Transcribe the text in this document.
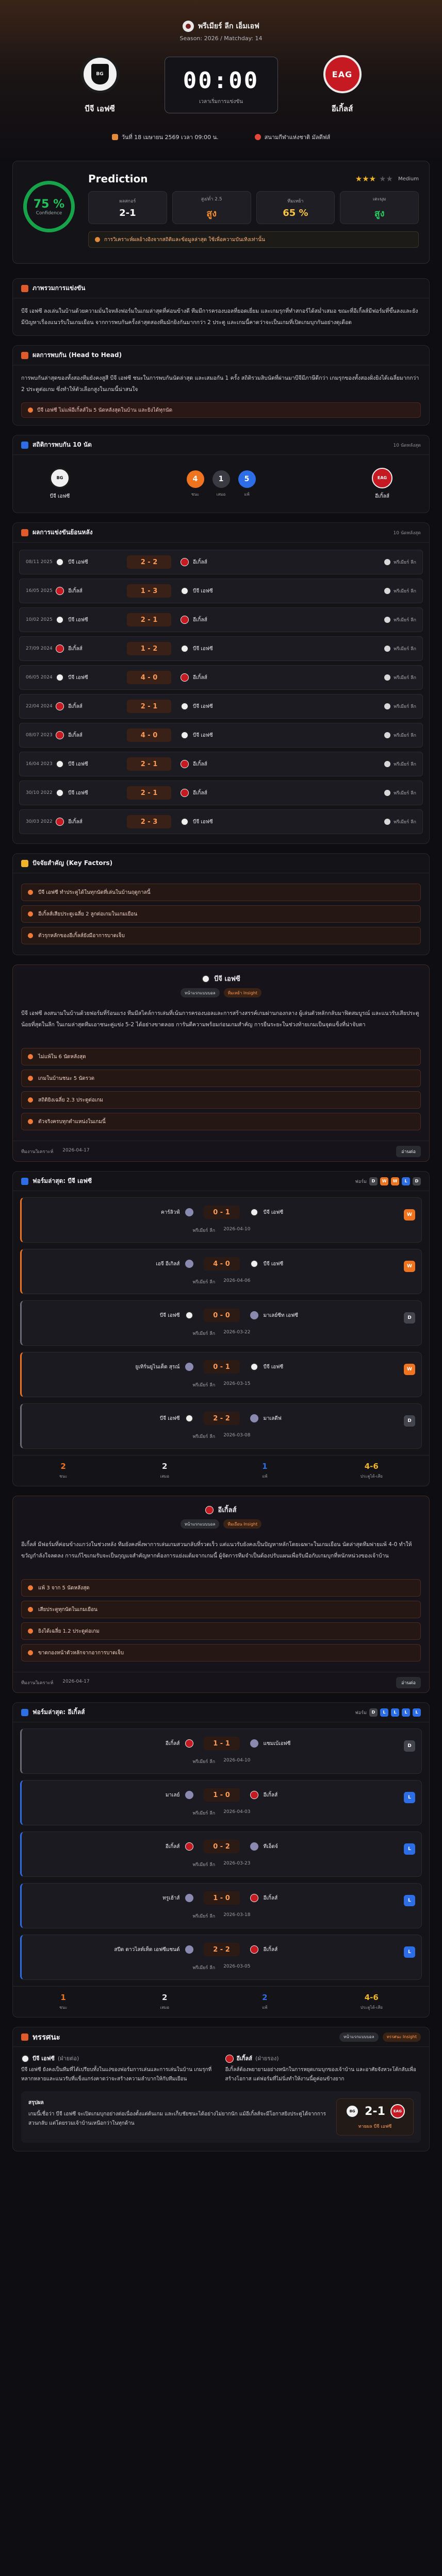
พรีเมียร์ ลีก เอ็มเอฟ
Season: 2026 / Matchday: 14
BG
บีจี เอฟซี
00:00
เวลาเริ่มการแข่งขัน
EAG
อีเกิ้ลส์
วันที่ 18 เมษายน 2569 เวลา 09:00 น.	สนามกีฬาแห่งชาติ มัลดีฟส์
75 %
Confidence
Prediction	★★★ ★★ Medium
ผลสกอร์
2-1
สูง/ต่ำ 2.5
สูง
ทีมเหย้า
65 %
เตะมุม
สูง
การวิเคราะห์ผลอ้างอิงจากสถิติและข้อมูลล่าสุด ใช้เพื่อความบันเทิงเท่านั้น
ภาพรวมการแข่งขัน
บีจี เอฟซี ลงเล่นในบ้านด้วยความมั่นใจหลังฟอร์มในเกมล่าสุดที่ค่อนข้างดี ทีมมีการครองบอลที่ยอดเยี่ยม และเกมรุกที่ทำสกอร์ได้สม่ำเสมอ ขณะที่อีเกิ้ลส์มีฟอร์มที่ขึ้นลงและยังมีปัญหาเรื่องแนวรับในเกมเยือน จากการพบกันครั้งล่าสุดสองทีมมักยิงกันมากกว่า 2 ประตู และเกมนี้คาดว่าจะเป็นเกมที่เปิดเกมบุกกันอย่างดุเดือด
ผลการพบกัน (Head to Head)
การพบกันล่าสุดของทั้งสองทีมยังคงสูสี บีจี เอฟซี ชนะในการพบกันนัดล่าสุด และเสมอกัน 1 ครั้ง สถิติรวมสิบนัดที่ผ่านมาบีจีมีภาษีดีกว่า เกมรุกของทั้งสองฝั่งยิงได้เฉลี่ยมากกว่า 2 ประตูต่อเกม ซึ่งทำให้ตัวเลือกสูงในเกมนี้น่าสนใจ
บีจี เอฟซี ไม่แพ้อีเกิ้ลส์ใน 5 นัดหลังสุดในบ้าน และยิงได้ทุกนัด
สถิติการพบกัน 10 นัด	10 นัดหลังสุด
BG
บีจี เอฟซี
4
ชนะ
1
เสมอ
5
แพ้
EAG
อีเกิ้ลส์
ผลการแข่งขันย้อนหลัง	10 นัดหลังสุด
08/11 2025	บีจี เอฟซี	2 - 2	อีเกิ้ลส์	พรีเมียร์ ลีก
16/05 2025	อีเกิ้ลส์	1 - 3	บีจี เอฟซี	พรีเมียร์ ลีก
10/02 2025	บีจี เอฟซี	2 - 1	อีเกิ้ลส์	พรีเมียร์ ลีก
27/09 2024	อีเกิ้ลส์	1 - 2	บีจี เอฟซี	พรีเมียร์ ลีก
06/05 2024	บีจี เอฟซี	4 - 0	อีเกิ้ลส์	พรีเมียร์ ลีก
22/04 2024	อีเกิ้ลส์	2 - 1	บีจี เอฟซี	พรีเมียร์ ลีก
08/07 2023	อีเกิ้ลส์	4 - 0	บีจี เอฟซี	พรีเมียร์ ลีก
16/04 2023	บีจี เอฟซี	2 - 1	อีเกิ้ลส์	พรีเมียร์ ลีก
30/10 2022	บีจี เอฟซี	2 - 1	อีเกิ้ลส์	พรีเมียร์ ลีก
30/03 2022	อีเกิ้ลส์	2 - 3	บีจี เอฟซี	พรีเมียร์ ลีก
ปัจจัยสำคัญ (Key Factors)
บีจี เอฟซี ทำประตูได้ในทุกนัดที่เล่นในบ้านฤดูกาลนี้
อีเกิ้ลส์เสียประตูเฉลี่ย 2 ลูกต่อเกมในเกมเยือน
ตัวรุกหลักของอีเกิ้ลส์ยังมีอาการบาดเจ็บ
บีจี เอฟซี
หน้าแรกแบบบอล	ทีมเหย้า Insight
บีจี เอฟซี ลงสนามในบ้านด้วยฟอร์มที่ร้อนแรง ทีมมีสไตล์การเล่นที่เน้นการครองบอลและการสร้างสรรค์เกมผ่านกองกลาง ผู้เล่นตัวหลักกลับมาฟิตสมบูรณ์ และแนวรับเสียประตูน้อยที่สุดในลีก ในเกมล่าสุดทีมเอาชนะคู่แข่ง 5-2 ได้อย่างขาดลอย การันตีความพร้อมก่อนเกมสำคัญ การยืนระยะในช่วงท้ายเกมเป็นจุดแข็งที่น่าจับตา
ไม่แพ้ใน 6 นัดหลังสุด
เกมในบ้านชนะ 5 นัดรวด
สถิติยิงเฉลี่ย 2.3 ประตูต่อเกม
ตัวจริงครบทุกตำแหน่งในเกมนี้
ทีมงานวิเคราะห์ 2026-04-17	อ่านต่อ
ฟอร์มล่าสุด: บีจี เอฟซี	ฟอร์ม	D	W	W	L	D
คาร์ลิวฟ์	0 - 1	บีจี เอฟซี
พรีเมียร์ ลีก 2026-04-10
W
เอจี อีเกิลส์	4 - 0	บีจี เอฟซี
พรีเมียร์ ลีก 2026-04-06
W
บีจี เอฟซี	0 - 0	มาเลย์ซีท เอฟซี
พรีเมียร์ ลีก 2026-03-22
D
ยูเทิร์นยูไนเต็ด สุรณ์	0 - 1	บีจี เอฟซี
พรีเมียร์ ลีก 2026-03-15
W
บีจี เอฟซี	2 - 2	มาเลดีฟ
พรีเมียร์ ลีก 2026-03-08
D
2
ชนะ
2
เสมอ
1
แพ้
4-6
ประตูได้-เสีย
อีเกิ้ลส์
หน้าแรกแบบบอล	ทีมเยือน Insight
อีเกิ้ลส์ มีฟอร์มที่ค่อนข้างแกว่งในช่วงหลัง ทีมยังคงพึ่งพาการเล่นเกมสวนกลับที่รวดเร็ว แต่แนวรับยังคงเป็นปัญหาหลักโดยเฉพาะในเกมเยือน นัดล่าสุดทีมพ่ายแพ้ 4-0 ทำให้ขวัญกำลังใจลดลง การแก้ไขเกมรับจะเป็นกุญแจสำคัญหากต้องการแย่งแต้มจากเกมนี้ ผู้จัดการทีมจำเป็นต้องปรับแผนเพื่อรับมือกับเกมบุกที่หนักหน่วงของเจ้าบ้าน
แพ้ 3 จาก 5 นัดหลังสุด
เสียประตูทุกนัดในเกมเยือน
ยิงได้เฉลี่ย 1.2 ประตูต่อเกม
ขาดกองหน้าตัวหลักจากอาการบาดเจ็บ
ทีมงานวิเคราะห์ 2026-04-17	อ่านต่อ
ฟอร์มล่าสุด: อีเกิ้ลส์	ฟอร์ม	D	L	L	L	L
อีเกิ้ลส์	1 - 1	แซมเบ้เอฟซี
พรีเมียร์ ลีก 2026-04-10
D
มาเลย์	1 - 0	อีเกิ้ลส์
พรีเมียร์ ลีก 2026-04-03
L
อีเกิ้ลส์	0 - 2	ทีเอ็ดจ์
พรีเมียร์ ลีก 2026-03-23
L
ทรูเฮ้าส์	1 - 0	อีเกิ้ลส์
พรีเมียร์ ลีก 2026-03-18
L
สปีด ดาวไลท์เท็ด เอฟซีแซนด์	2 - 2	อีเกิ้ลส์
พรีเมียร์ ลีก 2026-03-05
L
1
ชนะ
2
เสมอ
2
แพ้
4-6
ประตูได้-เสีย
ทรรศนะ	หน้าแรกแบบบอล	ทรรศนะ Insight
บีจี เอฟซี (ฝ่ายต่อ)
บีจี เอฟซี ยังคงเป็นทีมที่ได้เปรียบทั้งในแง่ของฟอร์มการเล่นและการเล่นในบ้าน เกมรุกที่หลากหลายและแนวรับที่แข็งแกร่งคาดว่าจะสร้างความลำบากให้กับทีมเยือน
อีเกิ้ลส์ (ฝ่ายรอง)
อีเกิ้ลส์ต้องพยายามอย่างหนักในการหยุดเกมบุกของเจ้าบ้าน และอาศัยจังหวะโต้กลับเพื่อสร้างโอกาส แต่ฟอร์มที่ไม่นิ่งทำให้งานนี้ดูค่อนข้างยาก
สรุปผล
เกมนี้เชื่อว่า บีจี เอฟซี จะเปิดเกมบุกอย่างต่อเนื่องตั้งแต่ต้นเกม และเก็บชัยชนะได้อย่างไม่ยากนัก แม้อีเกิ้ลส์จะมีโอกาสยิงประตูได้จากการสวนกลับ แต่โดยรวมเจ้าบ้านเหนือกว่าในทุกด้าน
BG 2-1	EAG
ทายผล บีจี เอฟซี
